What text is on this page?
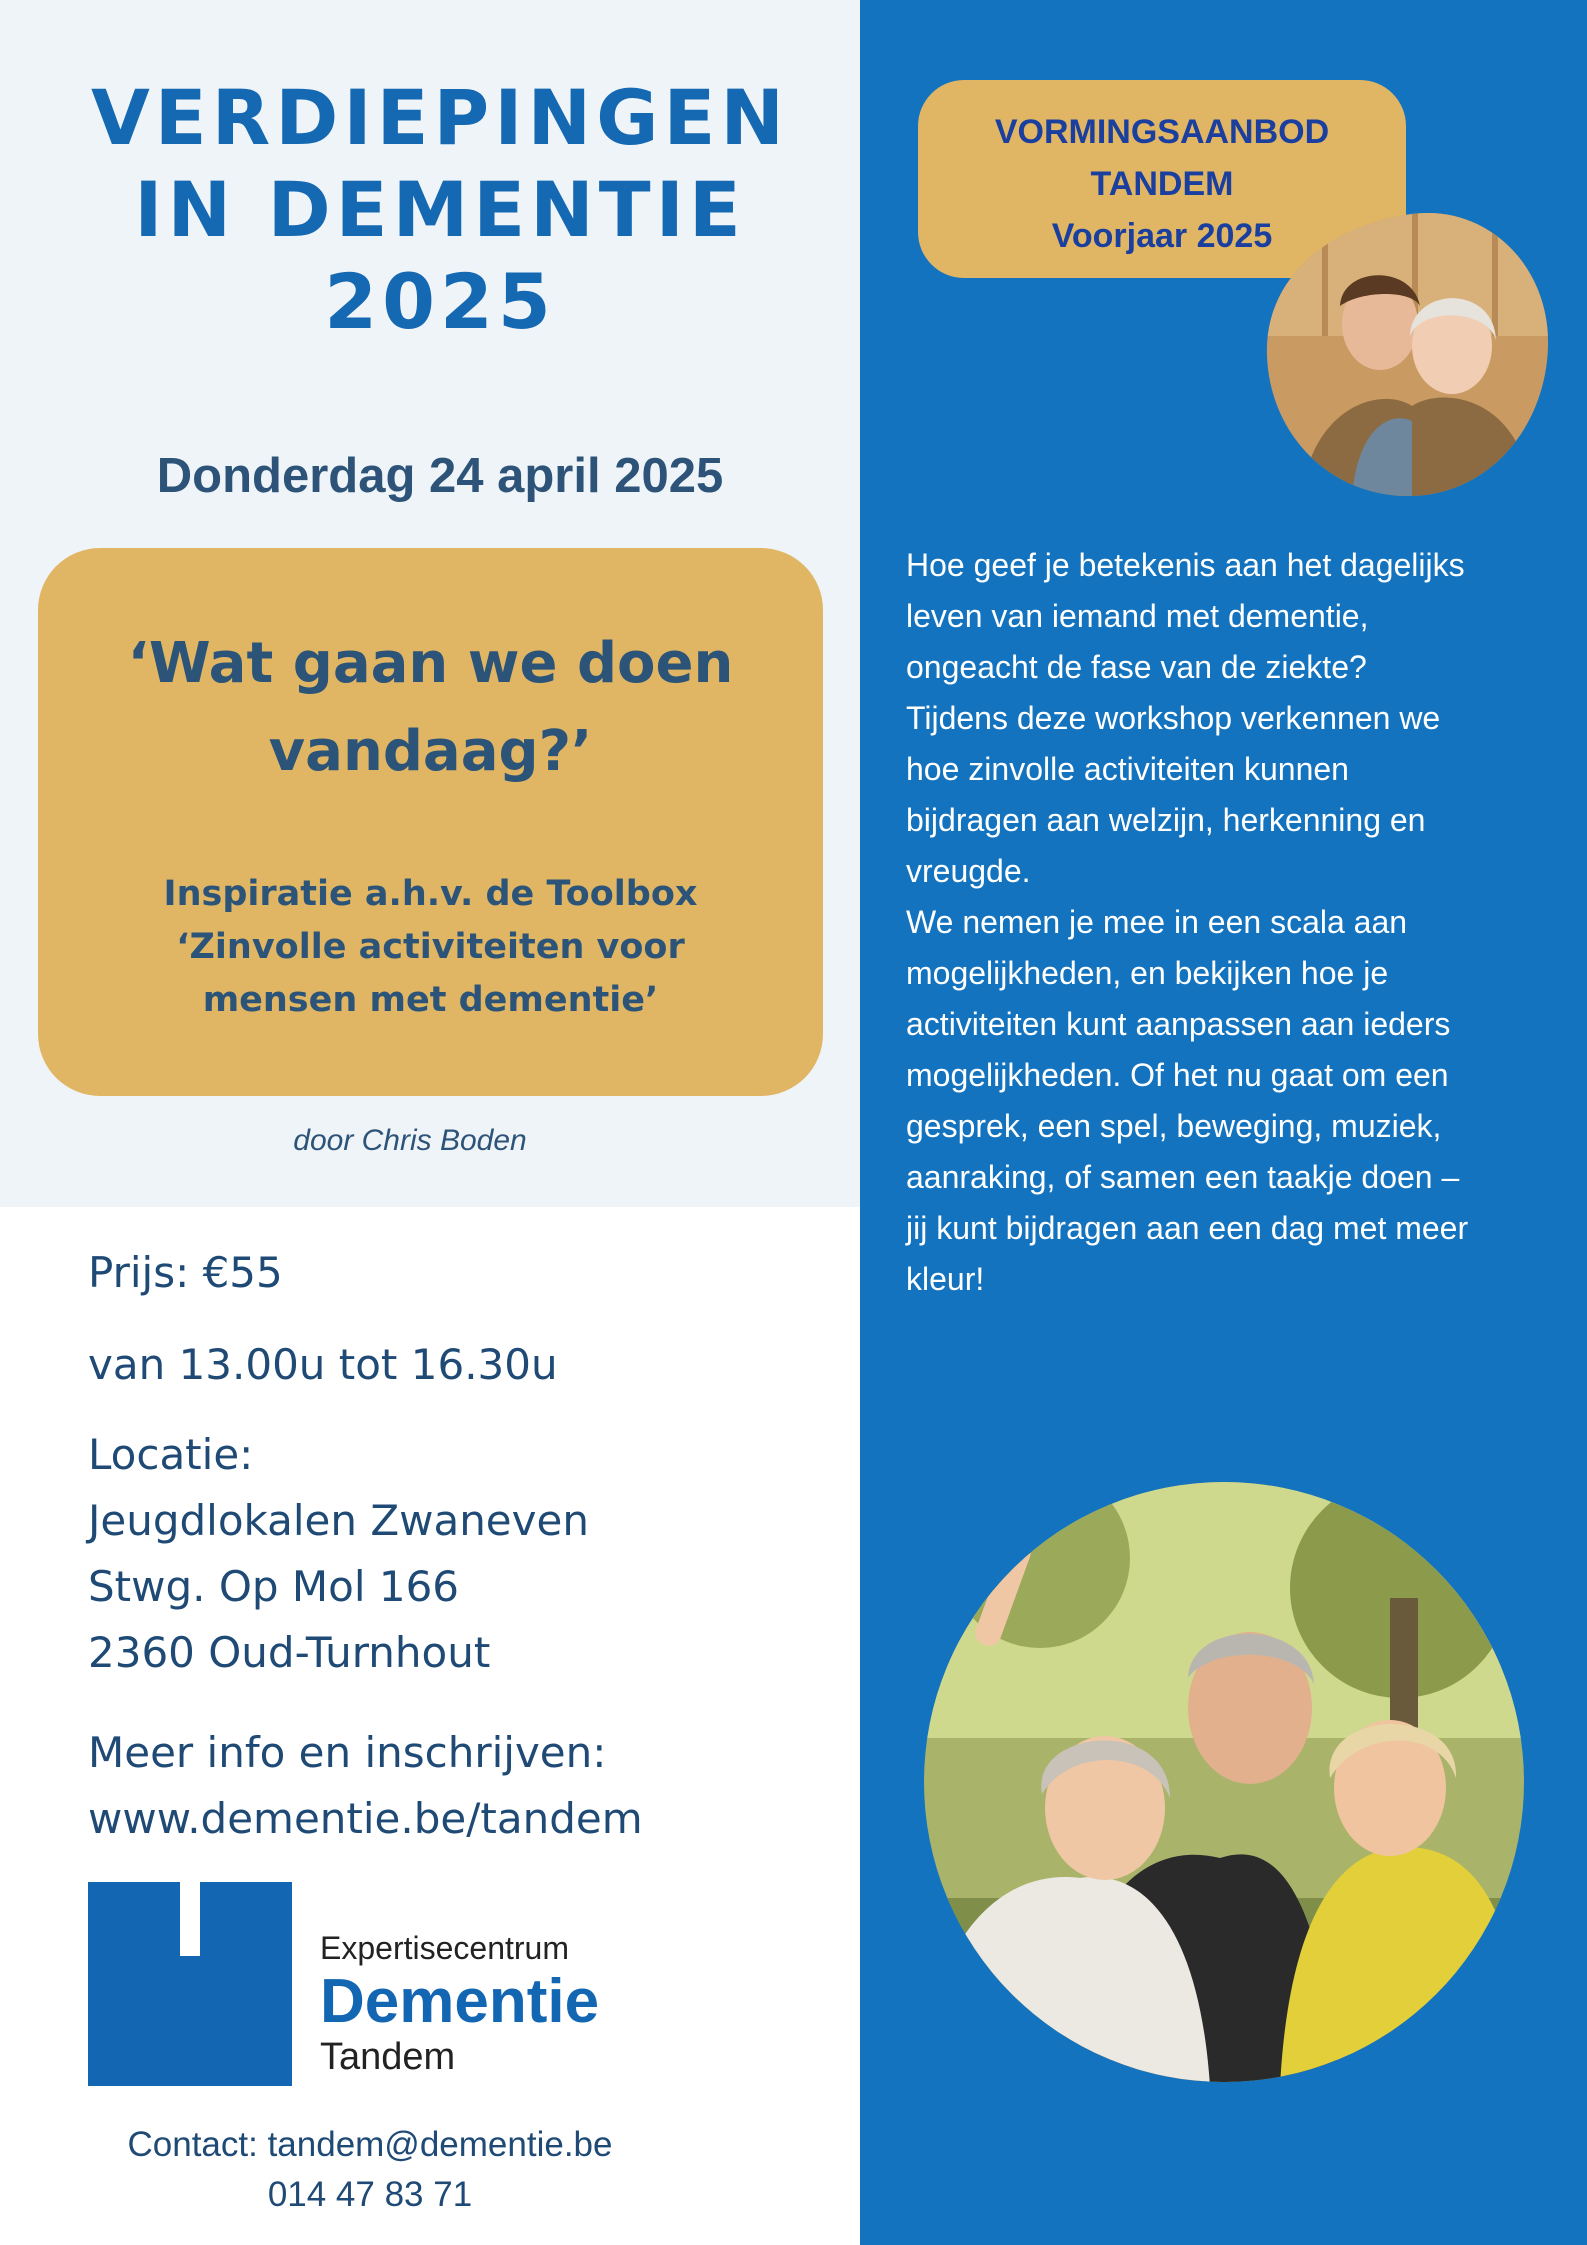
VERDIEPINGEN
IN DEMENTIE
2025
Donderdag 24 april 2025
‘Wat gaan we doen
vandaag?’
Inspiratie a.h.v. de Toolbox
‘Zinvolle activiteiten voor
mensen met dementie’
door Chris Boden
Prijs: €55
van 13.00u tot 16.30u
Locatie:
Jeugdlokalen Zwaneven
Stwg. Op Mol 166
2360 Oud-Turnhout
Meer info en inschrijven:
www.dementie.be/tandem
Expertisecentrum
Dementie
Tandem
Contact: tandem@dementie.be
014 47 83 71
VORMINGSAANBOD
TANDEM
Voorjaar 2025

Hoe geef je betekenis aan het dagelijks
leven van iemand met dementie,
ongeacht de fase van de ziekte?
Tijdens deze workshop verkennen we
hoe zinvolle activiteiten kunnen
bijdragen aan welzijn, herkenning en
vreugde.
We nemen je mee in een scala aan
mogelijkheden, en bekijken hoe je
activiteiten kunt aanpassen aan ieders
mogelijkheden. Of het nu gaat om een
gesprek, een spel, beweging, muziek,
aanraking, of samen een taakje doen –
jij kunt bijdragen aan een dag met meer
kleur!
